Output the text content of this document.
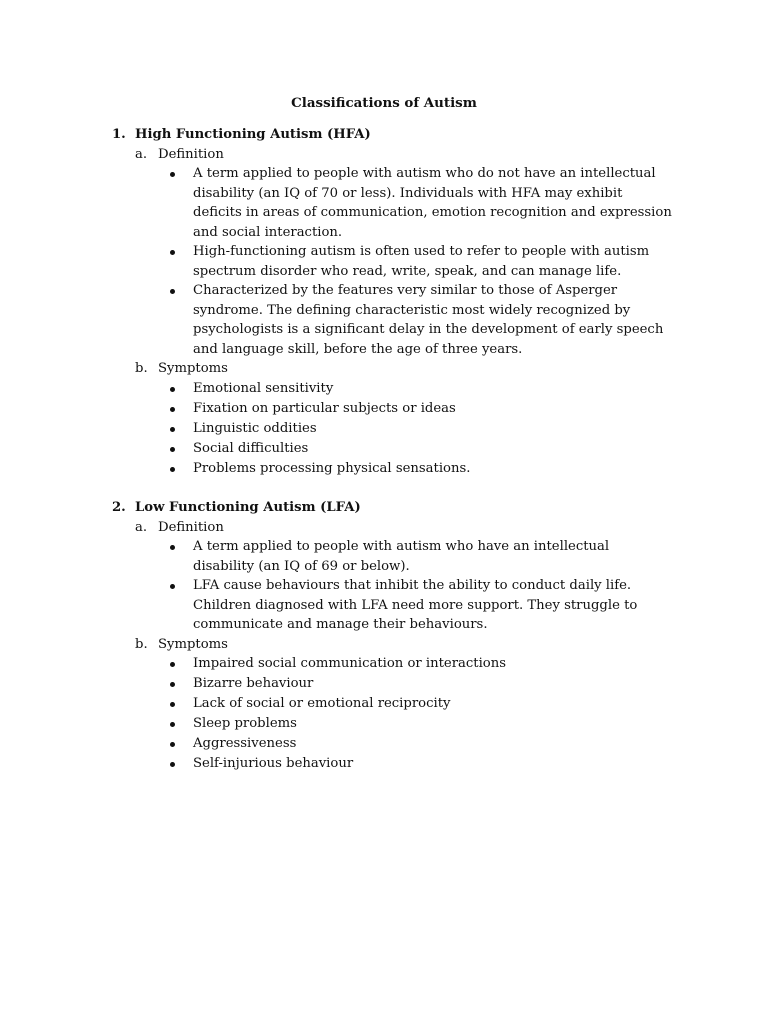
Classifications of Autism
1. High Functioning Autism (HFA)
a. Definition
A term applied to people with autism who do not have an intellectual disability (an IQ of 70 or less). Individuals with HFA may exhibit deficits in areas of communication, emotion recognition and expression and social interaction.
High-functioning autism is often used to refer to people with autism spectrum disorder who read, write, speak, and can manage life.
Characterized by the features very similar to those of Asperger syndrome. The defining characteristic most widely recognized by psychologists is a significant delay in the development of early speech and language skill, before the age of three years.
b. Symptoms
Emotional sensitivity
Fixation on particular subjects or ideas
Linguistic oddities
Social difficulties
Problems processing physical sensations.
2. Low Functioning Autism (LFA)
a. Definition
A term applied to people with autism who have an intellectual disability (an IQ of 69 or below).
LFA cause behaviours that inhibit the ability to conduct daily life. Children diagnosed with LFA need more support. They struggle to communicate and manage their behaviours.
b. Symptoms
Impaired social communication or interactions
Bizarre behaviour
Lack of social or emotional reciprocity
Sleep problems
Aggressiveness
Self-injurious behaviour
